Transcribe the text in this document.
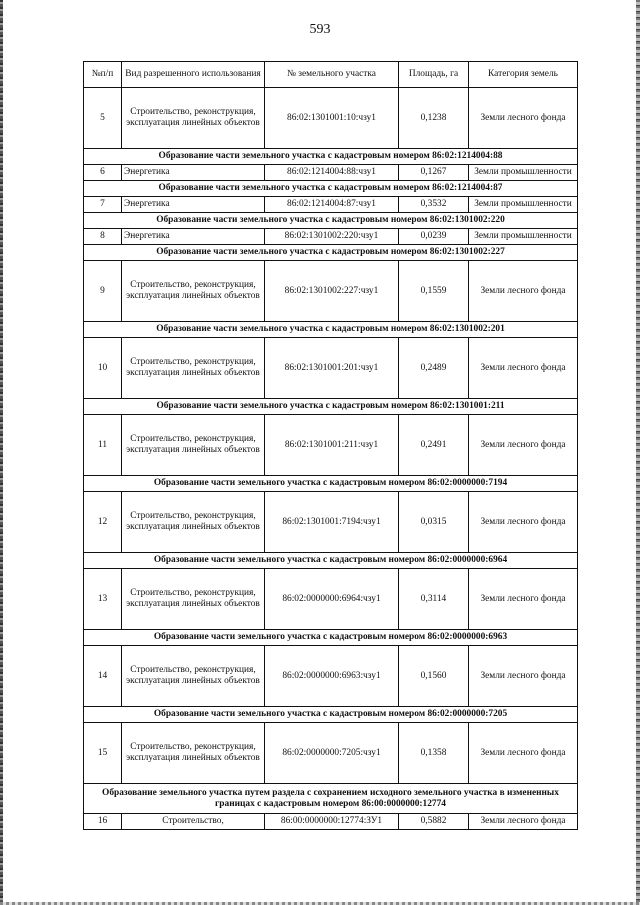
593
№п/п	Вид разрешенного использования	№ земельного участка	Площадь, га	Категория земель
5	Строительство, реконструкция, эксплуатация линейных объектов	86:02:1301001:10:чзу1	0,1238	Земли лесного фонда
Образование части земельного участка с кадастровым номером 86:02:1214004:88				
6	Энергетика	86:02:1214004:88:чзу1	0,1267	Земли промышленности
Образование части земельного участка с кадастровым номером 86:02:1214004:87				
7	Энергетика	86:02:1214004:87:чзу1	0,3532	Земли промышленности
Образование части земельного участка с кадастровым номером 86:02:1301002:220				
8	Энергетика	86:02:1301002:220:чзу1	0,0239	Земли промышленности
Образование части земельного участка с кадастровым номером 86:02:1301002:227				
9	Строительство, реконструкция, эксплуатация линейных объектов	86:02:1301002:227:чзу1	0,1559	Земли лесного фонда
Образование части земельного участка с кадастровым номером 86:02:1301002:201				
10	Строительство, реконструкция, эксплуатация линейных объектов	86:02:1301001:201:чзу1	0,2489	Земли лесного фонда
Образование части земельного участка с кадастровым номером 86:02:1301001:211				
11	Строительство, реконструкция, эксплуатация линейных объектов	86:02:1301001:211:чзу1	0,2491	Земли лесного фонда
Образование части земельного участка с кадастровым номером 86:02:0000000:7194				
12	Строительство, реконструкция, эксплуатация линейных объектов	86:02:1301001:7194:чзу1	0,0315	Земли лесного фонда
Образование части земельного участка с кадастровым номером 86:02:0000000:6964				
13	Строительство, реконструкция, эксплуатация линейных объектов	86:02:0000000:6964:чзу1	0,3114	Земли лесного фонда
Образование части земельного участка с кадастровым номером 86:02:0000000:6963				
14	Строительство, реконструкция, эксплуатация линейных объектов	86:02:0000000:6963:чзу1	0,1560	Земли лесного фонда
Образование части земельного участка с кадастровым номером 86:02:0000000:7205				
15	Строительство, реконструкция, эксплуатация линейных объектов	86:02:0000000:7205:чзу1	0,1358	Земли лесного фонда
Образование земельного участка путем раздела с сохранением исходного земельного участка в измененных границах с кадастровым номером 86:00:0000000:12774				
16	Строительство,	86:00:0000000:12774:ЗУ1	0,5882	Земли лесного фонда
